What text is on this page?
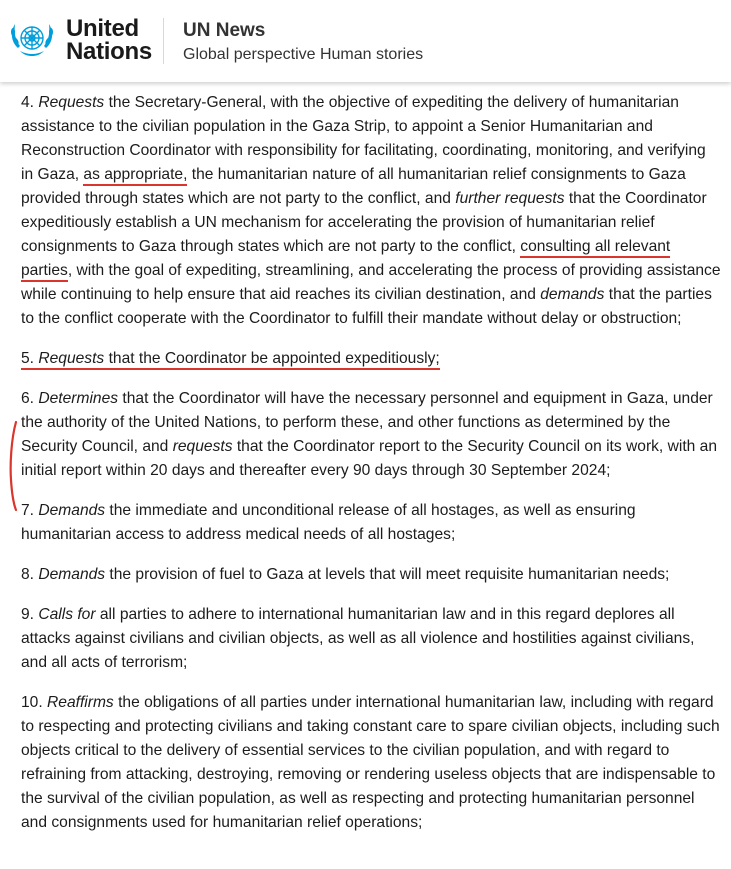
United
Nations
UN News
Global perspective Human stories

4. Requests the Secretary-General, with the objective of expediting the delivery of humanitarian assistance to the civilian population in the Gaza Strip, to appoint a Senior Humanitarian and Reconstruction Coordinator with responsibility for facilitating, coordinating, monitoring, and verifying in Gaza, as appropriate, the humanitarian nature of all humanitarian relief consignments to Gaza provided through states which are not party to the conflict, and further requests that the Coordinator expeditiously establish a UN mechanism for accelerating the provision of humanitarian relief consignments to Gaza through states which are not party to the conflict, consulting all relevant parties, with the goal of expediting, streamlining, and accelerating the process of providing assistance while continuing to help ensure that aid reaches its civilian destination, and demands that the parties to the conflict cooperate with the Coordinator to fulfill their mandate without delay or obstruction;

5. Requests that the Coordinator be appointed expeditiously;

6. Determines that the Coordinator will have the necessary personnel and equipment in Gaza, under the authority of the United Nations, to perform these, and other functions as determined by the Security Council, and requests that the Coordinator report to the Security Council on its work, with an initial report within 20 days and thereafter every 90 days through 30 September 2024;

7. Demands the immediate and unconditional release of all hostages, as well as ensuring humanitarian access to address medical needs of all hostages;

8. Demands the provision of fuel to Gaza at levels that will meet requisite humanitarian needs;

9. Calls for all parties to adhere to international humanitarian law and in this regard deplores all attacks against civilians and civilian objects, as well as all violence and hostilities against civilians, and all acts of terrorism;

10. Reaffirms the obligations of all parties under international humanitarian law, including with regard to respecting and protecting civilians and taking constant care to spare civilian objects, including such objects critical to the delivery of essential services to the civilian population, and with regard to refraining from attacking, destroying, removing or rendering useless objects that are indispensable to the survival of the civilian population, as well as respecting and protecting humanitarian personnel and consignments used for humanitarian relief operations;
